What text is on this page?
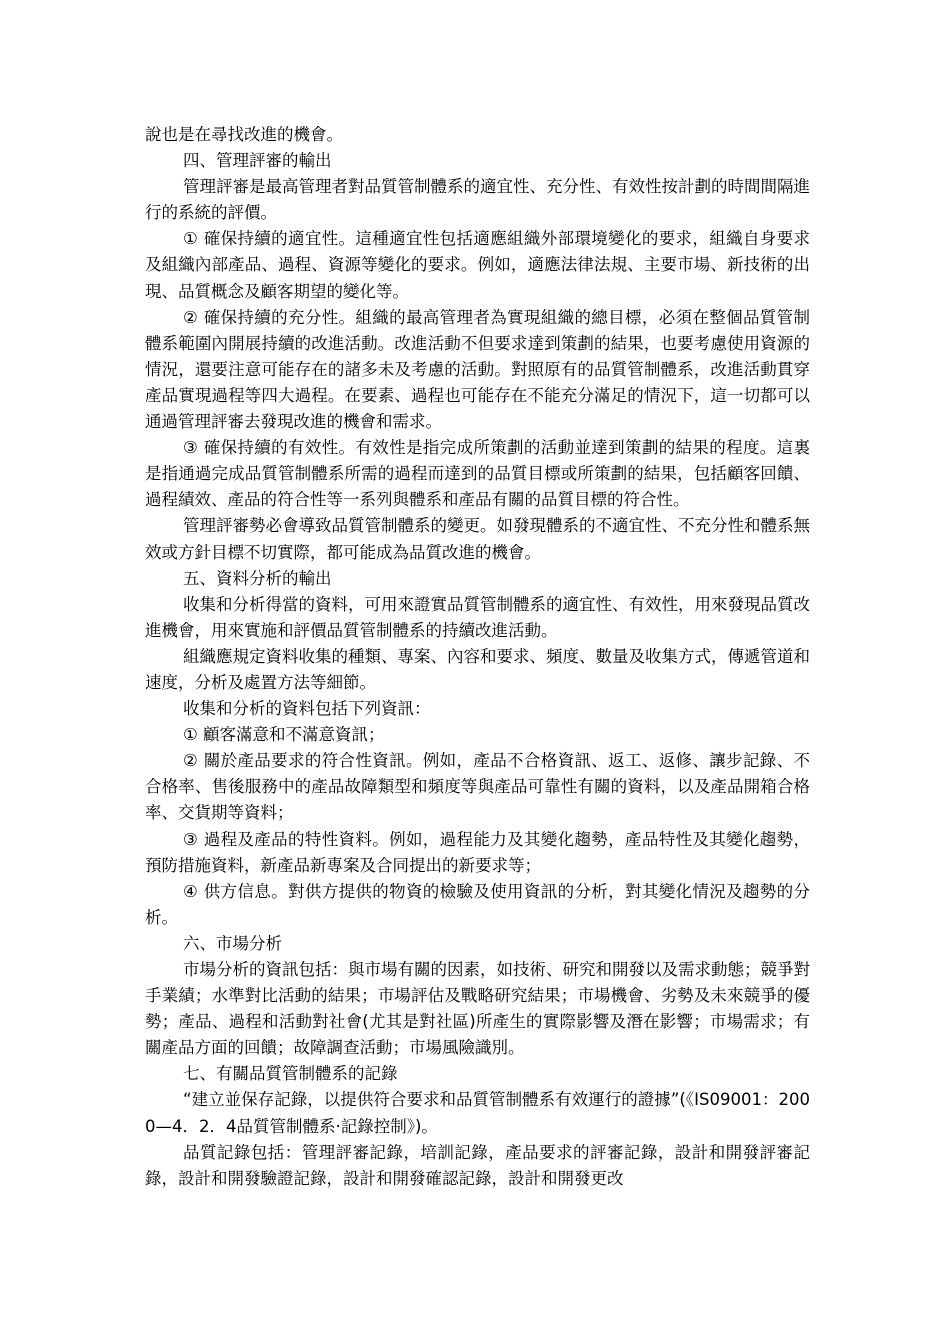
說也是在尋找改進的機會。

四、管理評審的輸出

管理評審是最高管理者對品質管制體系的適宜性、充分性、有效性按計劃的時間間隔進行的系統的評價。

① 確保持續的適宜性。這種適宜性包括適應組織外部環境變化的要求，組織自身要求及組織內部產品、過程、資源等變化的要求。例如，適應法律法規、主要市場、新技術的出現、品質概念及顧客期望的變化等。

② 確保持續的充分性。組織的最高管理者為實現組織的總目標，必須在整個品質管制體系範圍內開展持續的改進活動。改進活動不但要求達到策劃的結果，也要考慮使用資源的情況，還要注意可能存在的諸多未及考慮的活動。對照原有的品質管制體系，改進活動貫穿產品實現過程等四大過程。在要素、過程也可能存在不能充分滿足的情況下，這一切都可以通過管理評審去發現改進的機會和需求。

③ 確保持續的有效性。有效性是指完成所策劃的活動並達到策劃的結果的程度。這裏是指通過完成品質管制體系所需的過程而達到的品質目標或所策劃的結果，包括顧客回饋、過程績效、產品的符合性等一系列與體系和產品有關的品質目標的符合性。

管理評審勢必會導致品質管制體系的變更。如發現體系的不適宜性、不充分性和體系無效或方針目標不切實際，都可能成為品質改進的機會。

五、資料分析的輸出

收集和分析得當的資料，可用來證實品質管制體系的適宜性、有效性，用來發現品質改進機會，用來實施和評價品質管制體系的持續改進活動。

組織應規定資料收集的種類、專案、內容和要求、頻度、數量及收集方式，傳遞管道和速度，分析及處置方法等細節。

收集和分析的資料包括下列資訊：

① 顧客滿意和不滿意資訊；

② 關於產品要求的符合性資訊。例如，產品不合格資訊、返工、返修、讓步記錄、不合格率、售後服務中的產品故障類型和頻度等與產品可靠性有關的資料，以及產品開箱合格率、交貨期等資料；

③ 過程及產品的特性資料。例如，過程能力及其變化趨勢，產品特性及其變化趨勢，預防措施資料，新產品新專案及合同提出的新要求等；

④ 供方信息。對供方提供的物資的檢驗及使用資訊的分析，對其變化情況及趨勢的分析。

六、市場分析

市場分析的資訊包括：與市場有關的因素，如技術、研究和開發以及需求動態；競爭對手業績；水準對比活動的結果；市場評估及戰略研究結果；市場機會、劣勢及未來競爭的優勢；產品、過程和活動對社會(尤其是對社區)所產生的實際影響及潛在影響；市場需求；有關產品方面的回饋；故障調查活動；市場風險識別。

七、有關品質管制體系的記錄

“建立並保存記錄，以提供符合要求和品質管制體系有效運行的證據”(《IS09001：2000—4．2．4品質管制體系·記錄控制》)。

品質記錄包括：管理評審記錄，培訓記錄，產品要求的評審記錄，設計和開發評審記錄，設計和開發驗證記錄，設計和開發確認記錄，設計和開發更改
